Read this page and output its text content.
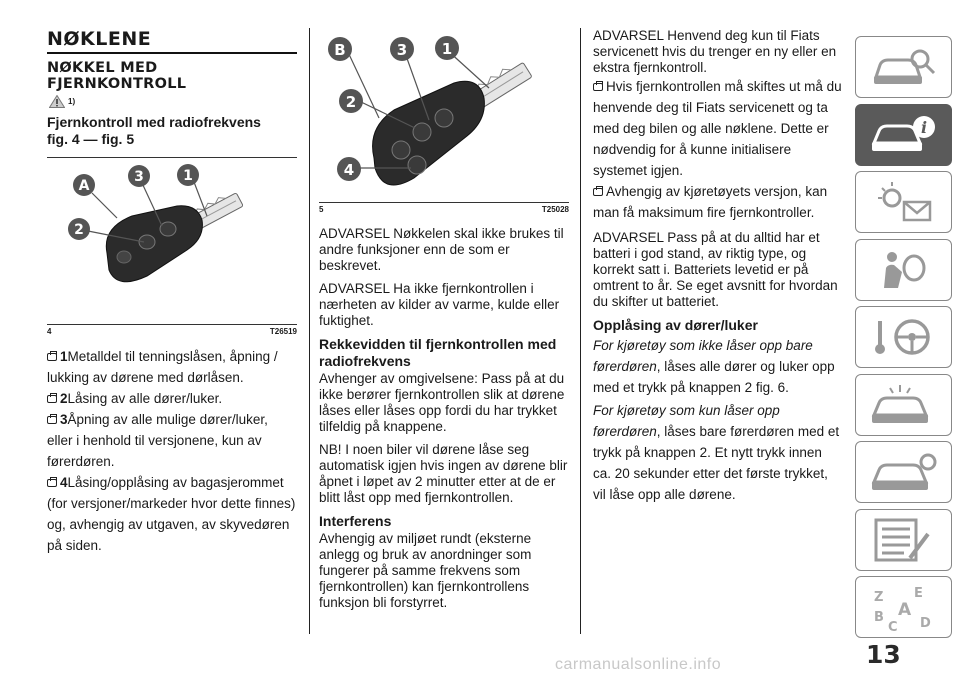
NØKLENE
NØKKEL MED
FJERNKONTROLL
1)
Fjernkontroll med radiofrekvens
fig. 4 — fig. 5
A
3	1
2
4	T26519
1Metalldel til tenningslåsen, åpning / lukking av dørene med dørlåsen.
2Låsing av alle dører/luker.
3Åpning av alle mulige dører/luker, eller i henhold til versjonene, kun av førerdøren.
4Låsing/opplåsing av bagasjerommet (for versjoner/markeder hvor dette finnes) og, avhengig av utgaven, av skyvedøren på siden.
B	3 1
2
4
5	T25028

ADVARSEL Nøkkelen skal ikke brukes til andre funksjoner enn de som er beskrevet.

ADVARSEL Ha ikke fjernkontrollen i nærheten av kilder av varme, kulde eller fuktighet.

Rekkevidden til fjernkontrollen med radiofrekvens

Avhenger av omgivelsene: Pass på at du ikke berører fjernkontrollen slik at dørene låses eller låses opp fordi du har trykket tilfeldig på knappene.

NB! I noen biler vil dørene låse seg automatisk igjen hvis ingen av dørene blir åpnet i løpet av 2 minutter etter at de er blitt låst opp med fjernkontrollen.

Interferens

Avhengig av miljøet rundt (eksterne anlegg og bruk av anordninger som fungerer på samme frekvens som fjernkontrollen) kan fjernkontrollens funksjon bli forstyrret.

ADVARSEL Henvend deg kun til Fiats servicenett hvis du trenger en ny eller en ekstra fjernkontroll.

Hvis fjernkontrollen må skiftes ut må du henvende deg til Fiats servicenett og ta med deg bilen og alle nøklene. Dette er nødvendig for å kunne initialisere systemet igjen.

Avhengig av kjøretøyets versjon, kan man få maksimum fire fjernkontroller.

ADVARSEL Pass på at du alltid har et batteri i god stand, av riktig type, og korrekt satt i. Batteriets levetid er på omtrent to år. Se eget avsnitt for hvordan du skifter ut batteriet.

Opplåsing av dører/luker

For kjøretøy som ikke låser opp bare førerdøren, låses alle dører og luker opp med et trykk på knappen 2 fig. 6.

For kjøretøy som kun låser opp førerdøren, låses bare førerdøren med et trykk på knappen 2. Et nytt trykk innen ca. 20 sekunder etter det første trykket, vil låse opp alle dørene.

i
Z E
A
B
C D
13
carmanualsonline.info
